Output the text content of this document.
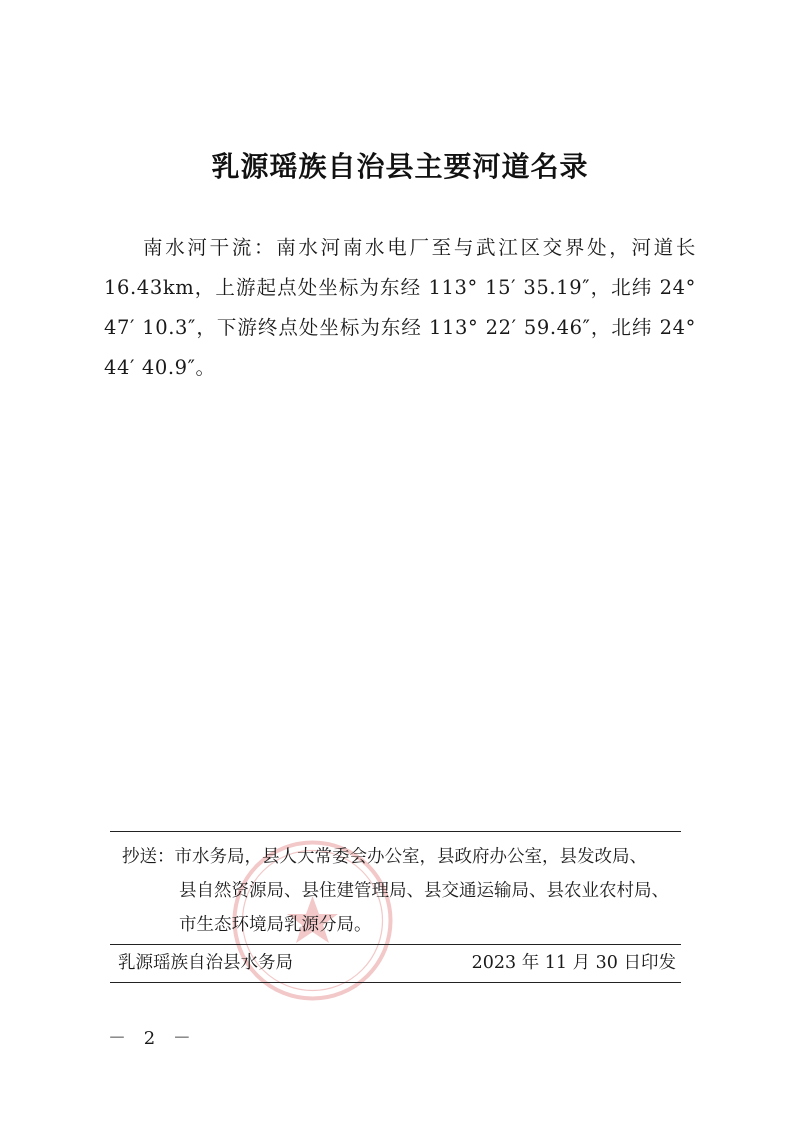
乳源瑶族自治县主要河道名录

南水河干流：南水河南水电厂至与武江区交界处，河道长16.43km，上游起点处坐标为东经 113° 15′ 35.19″，北纬 24° 47′ 10.3″，下游终点处坐标为东经 113° 22′ 59.46″，北纬 24° 44′ 40.9″。

抄送：市水务局，县人大常委会办公室，县政府办公室，县发改局、
县自然资源局、县住建管理局、县交通运输局、县农业农村局、
市生态环境局乳源分局。
乳源瑶族自治县水务局	2023 年 11 月 30 日印发
－ 2 －
